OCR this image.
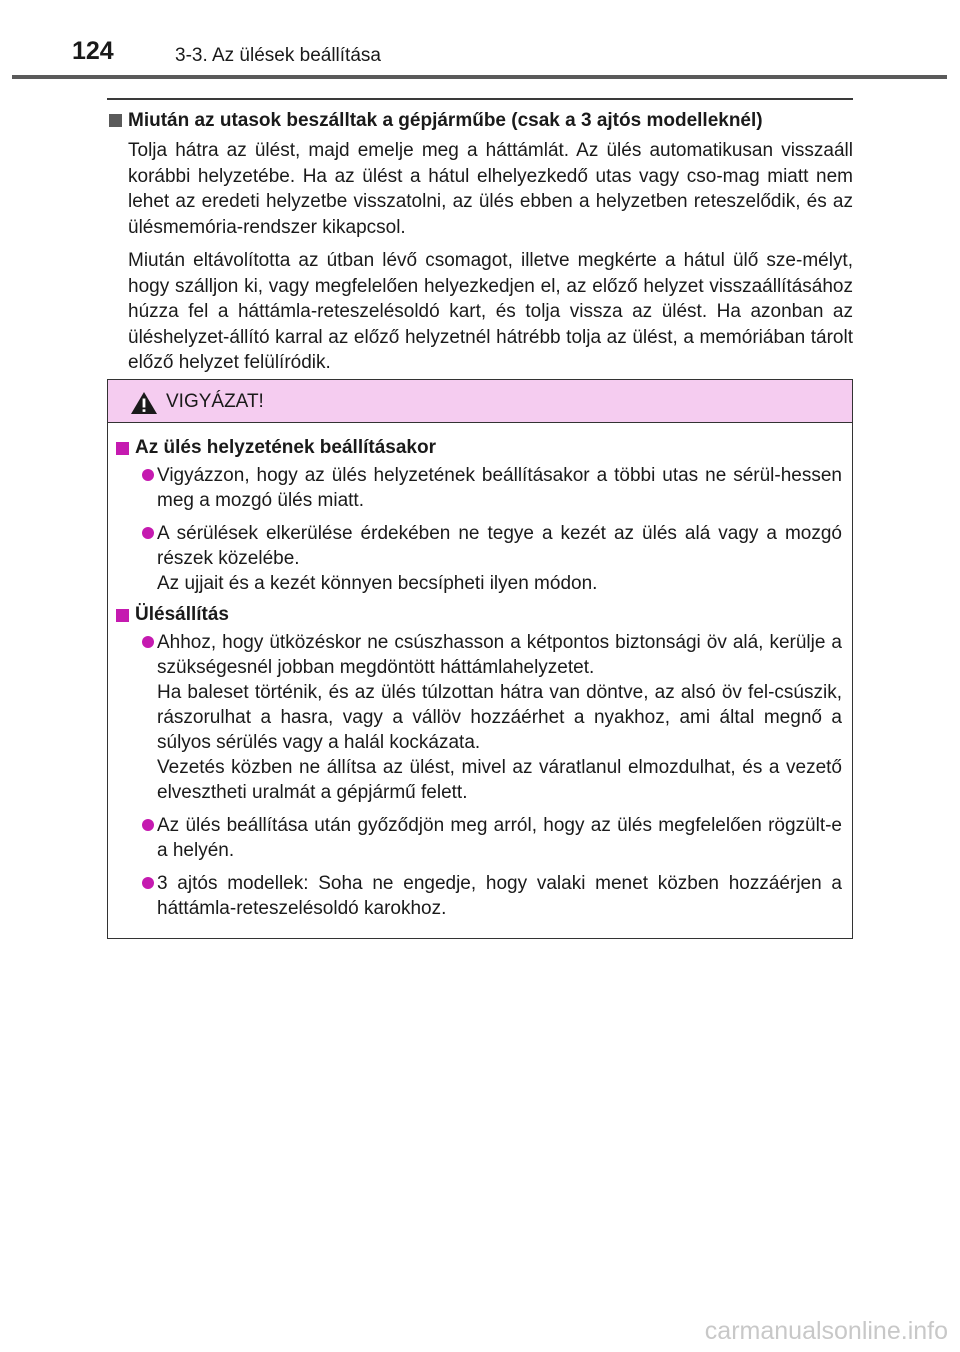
124	3-3. Az ülések beállítása
Miután az utasok beszálltak a gépjárműbe (csak a 3 ajtós modelleknél)

Tolja hátra az ülést, majd emelje meg a háttámlát. Az ülés automatikusan visszaáll korábbi helyzetébe. Ha az ülést a hátul elhelyezkedő utas vagy cso-mag miatt nem lehet az eredeti helyzetbe visszatolni, az ülés ebben a helyzetben reteszelődik, és az ülésmemória-rendszer kikapcsol.

Miután eltávolította az útban lévő csomagot, illetve megkérte a hátul ülő sze-mélyt, hogy szálljon ki, vagy megfelelően helyezkedjen el, az előző helyzet visszaállításához húzza fel a háttámla-reteszelésoldó kart, és tolja vissza az ülést. Ha azonban az üléshelyzet-állító karral az előző helyzetnél hátrébb tolja az ülést, a memóriában tárolt előző helyzet felülíródik.

VIGYÁZAT!
Az ülés helyzetének beállításakor
Vigyázzon, hogy az ülés helyzetének beállításakor a többi utas ne sérül-hessen meg a mozgó ülés miatt.
A sérülések elkerülése érdekében ne tegye a kezét az ülés alá vagy a mozgó részek közelébe.
Az ujjait és a kezét könnyen becsípheti ilyen módon.
Ülésállítás
Ahhoz, hogy ütközéskor ne csúszhasson a kétpontos biztonsági öv alá, kerülje a szükségesnél jobban megdöntött háttámlahelyzetet.
Ha baleset történik, és az ülés túlzottan hátra van döntve, az alsó öv fel-csúszik, rászorulhat a hasra, vagy a vállöv hozzáérhet a nyakhoz, ami által megnő a súlyos sérülés vagy a halál kockázata.
Vezetés közben ne állítsa az ülést, mivel az váratlanul elmozdulhat, és a vezető elvesztheti uralmát a gépjármű felett.
Az ülés beállítása után győződjön meg arról, hogy az ülés megfelelően rögzült-e a helyén.
3 ajtós modellek: Soha ne engedje, hogy valaki menet közben hozzáérjen a háttámla-reteszelésoldó karokhoz.
carmanualsonline.info
